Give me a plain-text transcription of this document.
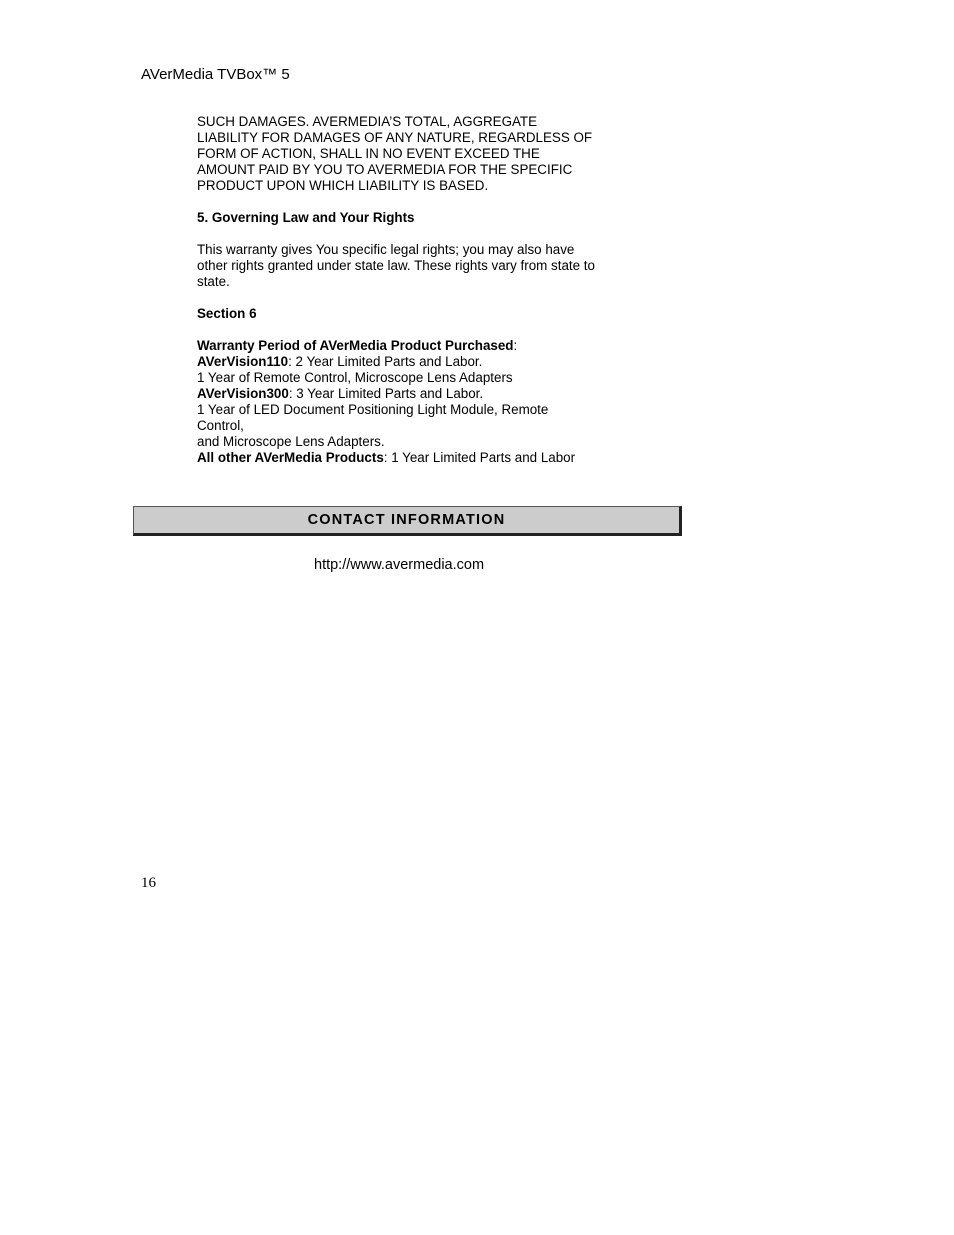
AVerMedia TVBox™ 5

SUCH DAMAGES. AVERMEDIA’S TOTAL, AGGREGATE

LIABILITY FOR DAMAGES OF ANY NATURE, REGARDLESS OF

FORM OF ACTION, SHALL IN NO EVENT EXCEED THE

AMOUNT PAID BY YOU TO AVERMEDIA FOR THE SPECIFIC

PRODUCT UPON WHICH LIABILITY IS BASED.

5. Governing Law and Your Rights

This warranty gives You specific legal rights; you may also have

other rights granted under state law. These rights vary from state to

state.

Section 6

Warranty Period of AVerMedia Product Purchased:

AVerVision110: 2 Year Limited Parts and Labor.

1 Year of Remote Control, Microscope Lens Adapters

AVerVision300: 3 Year Limited Parts and Labor.

1 Year of LED Document Positioning Light Module, Remote

Control,

and Microscope Lens Adapters.

All other AVerMedia Products: 1 Year Limited Parts and Labor

CONTACT INFORMATION
http://www.avermedia.com
16
